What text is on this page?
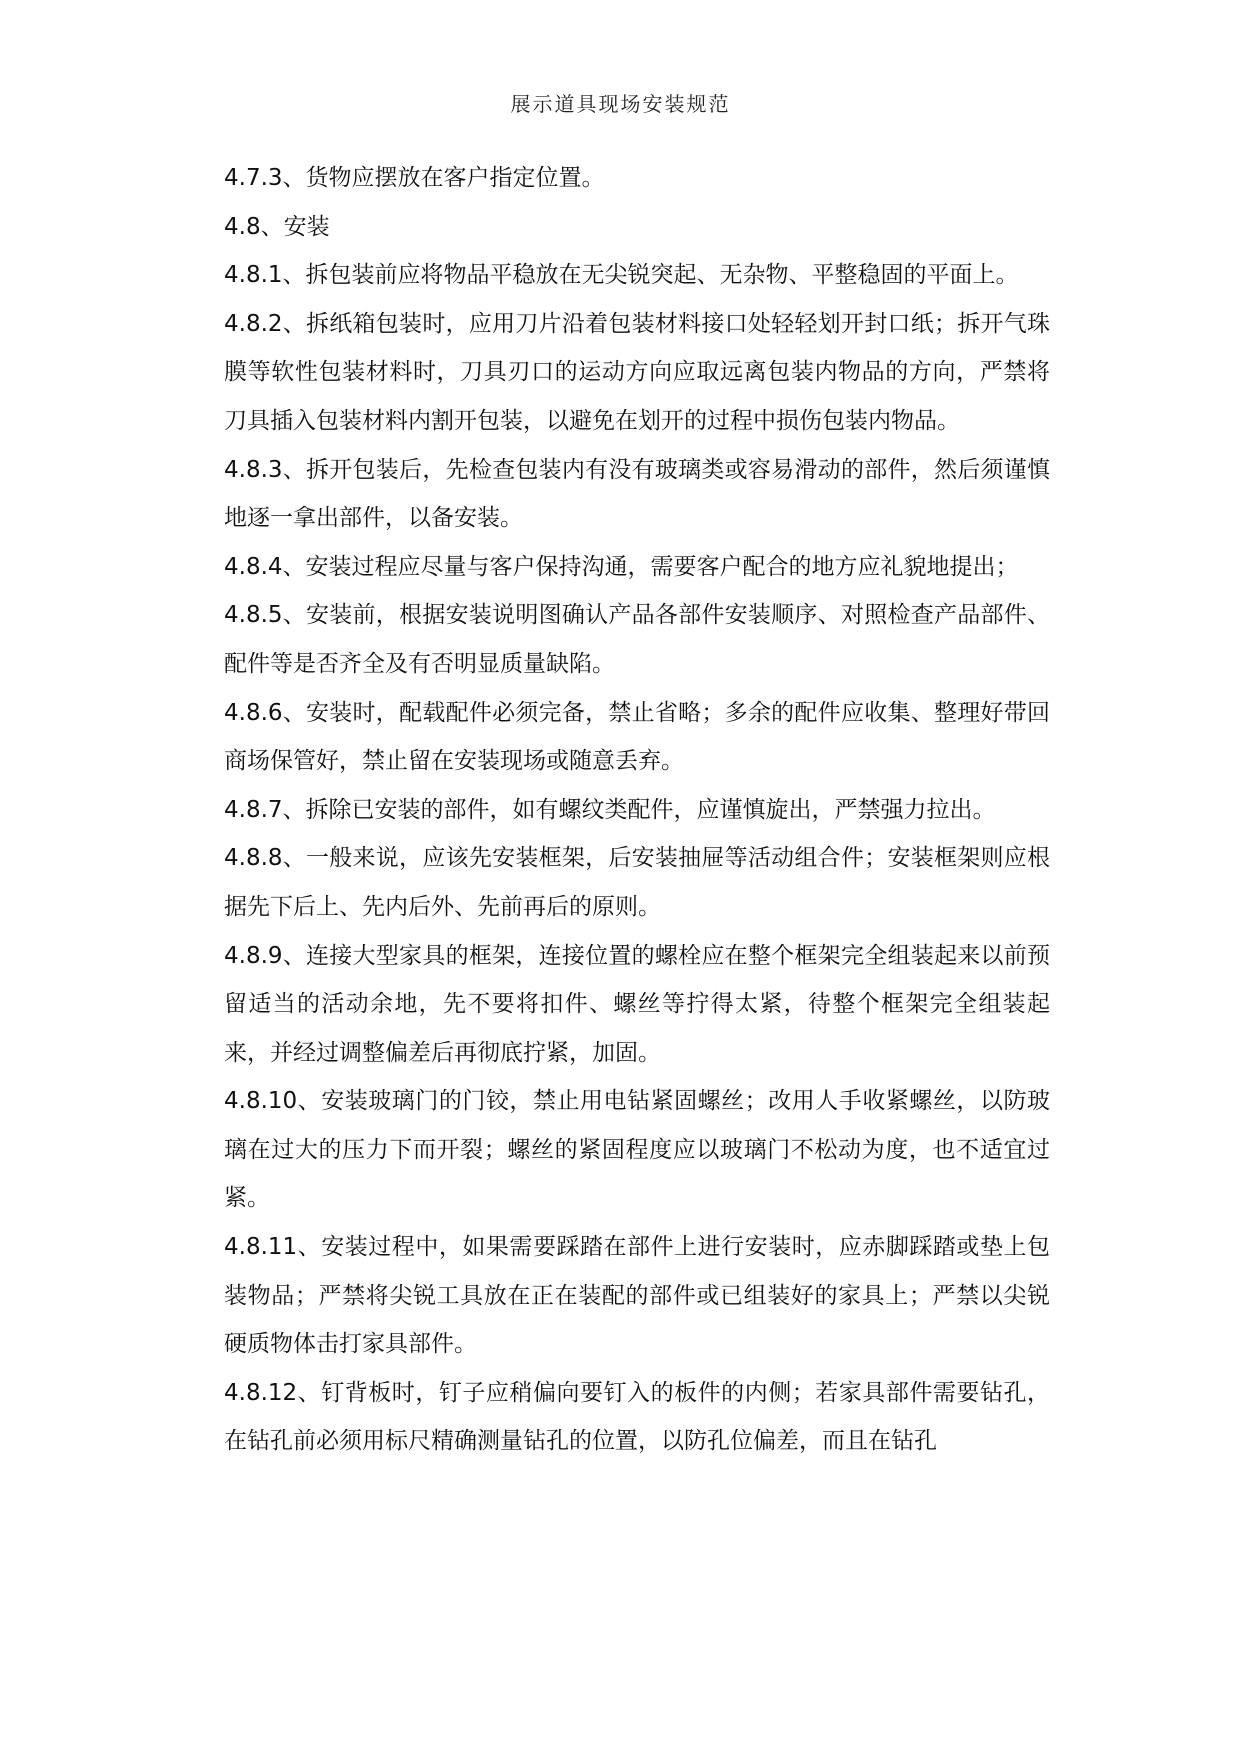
展示道具现场安装规范

4.7.3、货物应摆放在客户指定位置。

4.8、安装

4.8.1、拆包装前应将物品平稳放在无尖锐突起、无杂物、平整稳固的平面上。

4.8.2、拆纸箱包装时，应用刀片沿着包装材料接口处轻轻划开封口纸；拆开气珠膜等软性包装材料时，刀具刃口的运动方向应取远离包装内物品的方向，严禁将刀具插入包装材料内割开包装，以避免在划开的过程中损伤包装内物品。

4.8.3、拆开包装后，先检查包装内有没有玻璃类或容易滑动的部件，然后须谨慎地逐一拿出部件，以备安装。

4.8.4、安装过程应尽量与客户保持沟通，需要客户配合的地方应礼貌地提出；

4.8.5、安装前，根据安装说明图确认产品各部件安装顺序、对照检查产品部件、配件等是否齐全及有否明显质量缺陷。

4.8.6、安装时，配载配件必须完备，禁止省略；多余的配件应收集、整理好带回商场保管好，禁止留在安装现场或随意丢弃。

4.8.7、拆除已安装的部件，如有螺纹类配件，应谨慎旋出，严禁强力拉出。

4.8.8、一般来说，应该先安装框架，后安装抽屉等活动组合件；安装框架则应根据先下后上、先内后外、先前再后的原则。

4.8.9、连接大型家具的框架，连接位置的螺栓应在整个框架完全组装起来以前预留适当的活动余地，先不要将扣件、螺丝等拧得太紧，待整个框架完全组装起来，并经过调整偏差后再彻底拧紧，加固。

4.8.10、安装玻璃门的门铰，禁止用电钻紧固螺丝；改用人手收紧螺丝，以防玻璃在过大的压力下而开裂；螺丝的紧固程度应以玻璃门不松动为度，也不适宜过紧。

4.8.11、安装过程中，如果需要踩踏在部件上进行安装时，应赤脚踩踏或垫上包装物品；严禁将尖锐工具放在正在装配的部件或已组装好的家具上；严禁以尖锐硬质物体击打家具部件。

4.8.12、钉背板时，钉子应稍偏向要钉入的板件的内侧；若家具部件需要钻孔，在钻孔前必须用标尺精确测量钻孔的位置，以防孔位偏差，而且在钻孔
